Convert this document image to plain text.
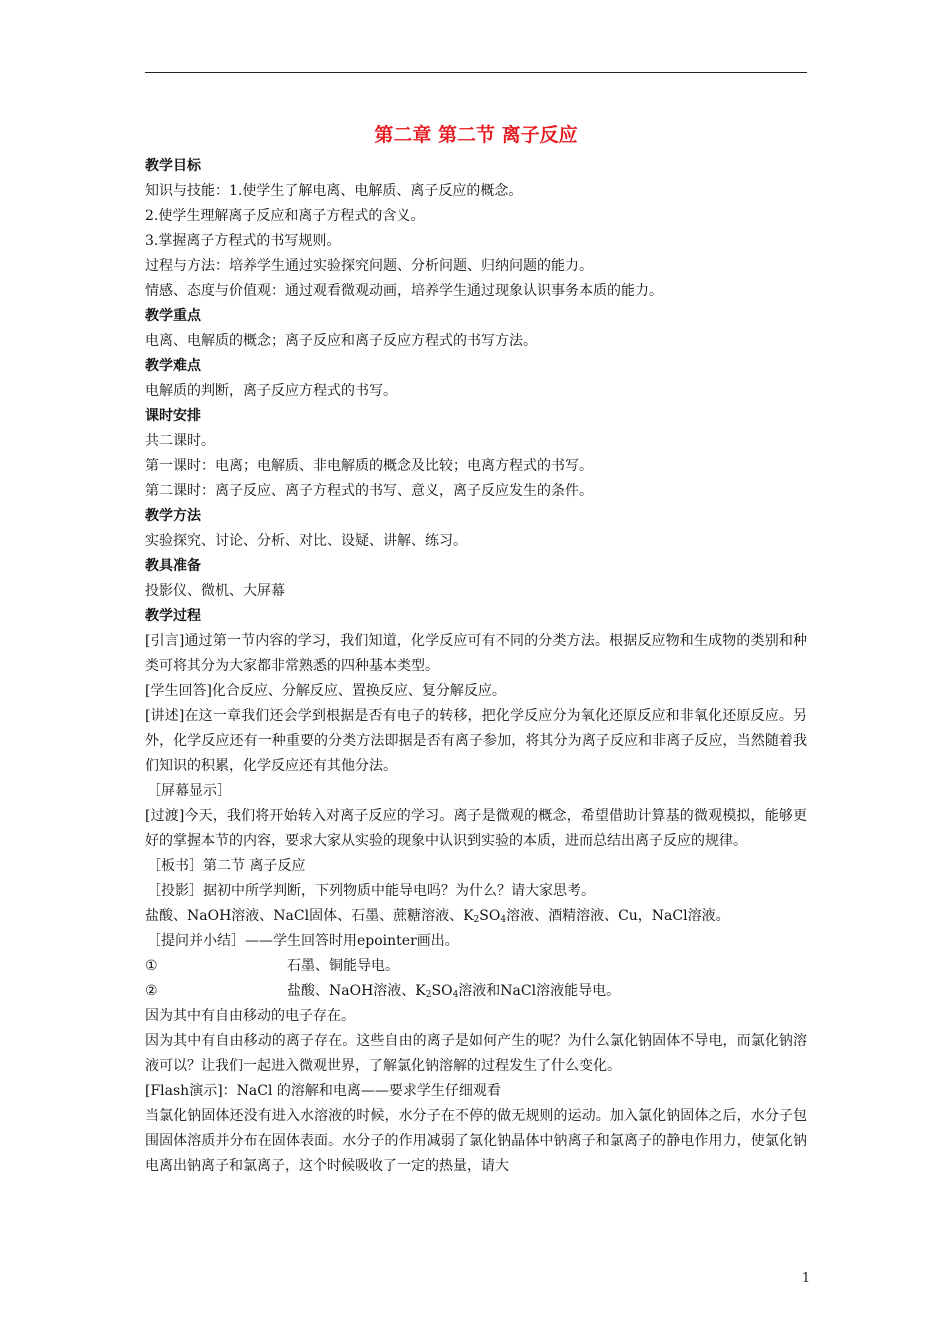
第二章 第二节 离子反应
教学目标
知识与技能：1.使学生了解电离、电解质、离子反应的概念。
2.使学生理解离子反应和离子方程式的含义。
3.掌握离子方程式的书写规则。
过程与方法：培养学生通过实验探究问题、分析问题、归纳问题的能力。
情感、态度与价值观：通过观看微观动画，培养学生通过现象认识事务本质的能力。
教学重点
电离、电解质的概念；离子反应和离子反应方程式的书写方法。
教学难点
电解质的判断，离子反应方程式的书写。
课时安排
共二课时。
第一课时：电离；电解质、非电解质的概念及比较；电离方程式的书写。
第二课时：离子反应、离子方程式的书写、意义，离子反应发生的条件。
教学方法
实验探究、讨论、分析、对比、设疑、讲解、练习。
教具准备
投影仪、微机、大屏幕
教学过程
[引言]通过第一节内容的学习，我们知道，化学反应可有不同的分类方法。根据反应物和生成物的类别和种类可将其分为大家都非常熟悉的四种基本类型。
[学生回答]化合反应、分解反应、置换反应、复分解反应。
[讲述]在这一章我们还会学到根据是否有电子的转移，把化学反应分为氧化还原反应和非氧化还原反应。另外，化学反应还有一种重要的分类方法即据是否有离子参加，将其分为离子反应和非离子反应，当然随着我们知识的积累，化学反应还有其他分法。
［屏幕显示］
[过渡]今天，我们将开始转入对离子反应的学习。离子是微观的概念，希望借助计算基的微观模拟，能够更好的掌握本节的内容，要求大家从实验的现象中认识到实验的本质，进而总结出离子反应的规律。
［板书］第二节 离子反应
［投影］据初中所学判断，下列物质中能导电吗？为什么？请大家思考。
盐酸、NaOH溶液、NaCl固体、石墨、蔗糖溶液、$K_2SO_4$溶液、酒精溶液、Cu，NaCl溶液。
［提问并小结］——学生回答时用epointer画出。
①	石墨、铜能导电。
②	盐酸、NaOH溶液、$K_2SO_4$溶液和NaCl溶液能导电。
因为其中有自由移动的电子存在。
因为其中有自由移动的离子存在。这些自由的离子是如何产生的呢？为什么氯化钠固体不导电，而氯化钠溶液可以？让我们一起进入微观世界，了解氯化钠溶解的过程发生了什么变化。
[Flash演示]：NaCl 的溶解和电离——要求学生仔细观看
当氯化钠固体还没有进入水溶液的时候，水分子在不停的做无规则的运动。加入氯化钠固体之后，水分子包围固体溶质并分布在固体表面。水分子的作用减弱了氯化钠晶体中钠离子和氯离子的静电作用力，使氯化钠电离出钠离子和氯离子，这个时候吸收了一定的热量，请大
1
